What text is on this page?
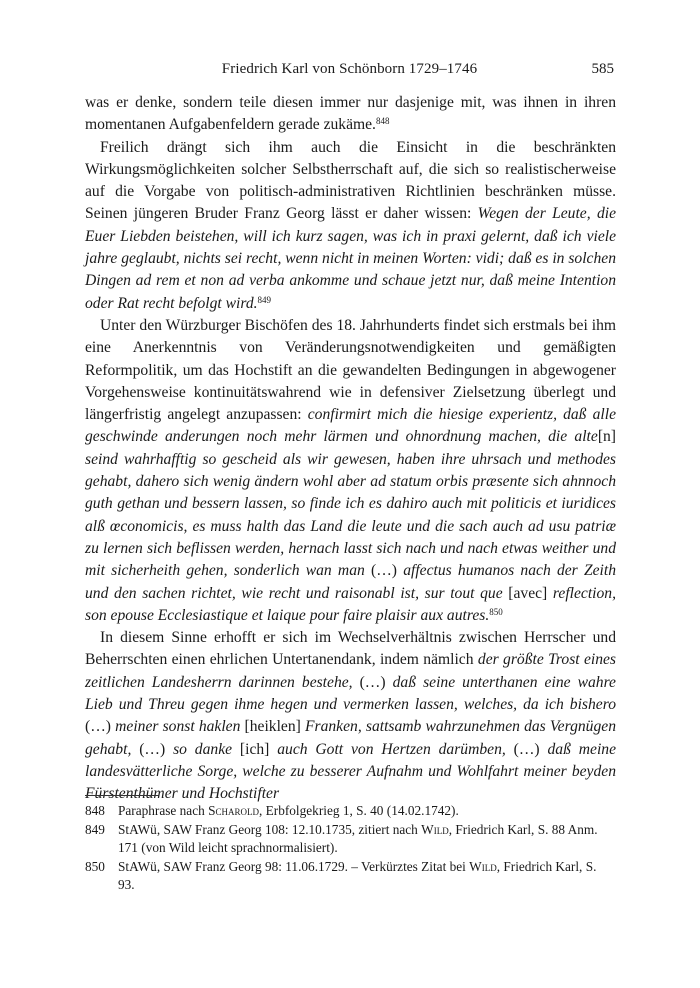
Friedrich Karl von Schönborn 1729–1746	585

was er denke, sondern teile diesen immer nur dasjenige mit, was ihnen in ihren momentanen Aufgabenfeldern gerade zukäme.$^{848}$

Freilich drängt sich ihm auch die Einsicht in die beschränkten Wirkungsmöglichkeiten solcher Selbstherrschaft auf, die sich so realistischerweise auf die Vorgabe von politisch-administrativen Richtlinien beschränken müsse. Seinen jüngeren Bruder Franz Georg lässt er daher wissen: Wegen der Leute, die Euer Liebden beistehen, will ich kurz sagen, was ich in praxi gelernt, daß ich viele jahre geglaubt, nichts sei recht, wenn nicht in meinen Worten: vidi; daß es in solchen Dingen ad rem et non ad verba ankomme und schaue jetzt nur, daß meine Intention oder Rat recht befolgt wird.$^{849}$

Unter den Würzburger Bischöfen des 18. Jahrhunderts findet sich erstmals bei ihm eine Anerkenntnis von Veränderungsnotwendigkeiten und gemäßigten Reformpolitik, um das Hochstift an die gewandelten Bedingungen in abgewogener Vorgehensweise kontinuitätswahrend wie in defensiver Zielsetzung überlegt und längerfristig angelegt anzupassen: confirmirt mich die hiesige experientz, daß alle geschwinde anderungen noch mehr lärmen und ohnordnung machen, die alte[n] seind wahrhafftig so gescheid als wir gewesen, haben ihre uhrsach und methodes gehabt, dahero sich wenig ändern wohl aber ad statum orbis præsente sich ahnnoch guth gethan und bessern lassen, so finde ich es dahiro auch mit politicis et iuridices alß œconomicis, es muss halth das Land die leute und die sach auch ad usu patriæ zu lernen sich beflissen werden, hernach lasst sich nach und nach etwas weither und mit sicherheith gehen, sonderlich wan man (…) affectus humanos nach der Zeith und den sachen richtet, wie recht und raisonabl ist, sur tout que [avec] reflection, son epouse Ecclesiastique et laique pour faire plaisir aux autres.$^{850}$

In diesem Sinne erhofft er sich im Wechselverhältnis zwischen Herrscher und Beherrschten einen ehrlichen Untertanendank, indem nämlich der größte Trost eines zeitlichen Landesherrn darinnen bestehe, (…) daß seine unterthanen eine wahre Lieb und Threu gegen ihme hegen und vermerken lassen, welches, da ich bishero (…) meiner sonst haklen [heiklen] Franken, sattsamb wahrzunehmen das Vergnügen gehabt, (…) so danke [ich] auch Gott von Hertzen darümben, (…) daß meine landesvätterliche Sorge, welche zu besserer Aufnahm und Wohlfahrt meiner beyden Fürstenthümer und Hochstifter

848 Paraphrase nach Scharold, Erbfolgekrieg 1, S. 40 (14.02.1742).
849 StAWü, SAW Franz Georg 108: 12.10.1735, zitiert nach Wild, Friedrich Karl, S. 88 Anm. 171 (von Wild leicht sprachnormalisiert).
850 StAWü, SAW Franz Georg 98: 11.06.1729. – Verkürztes Zitat bei Wild, Friedrich Karl, S. 93.
